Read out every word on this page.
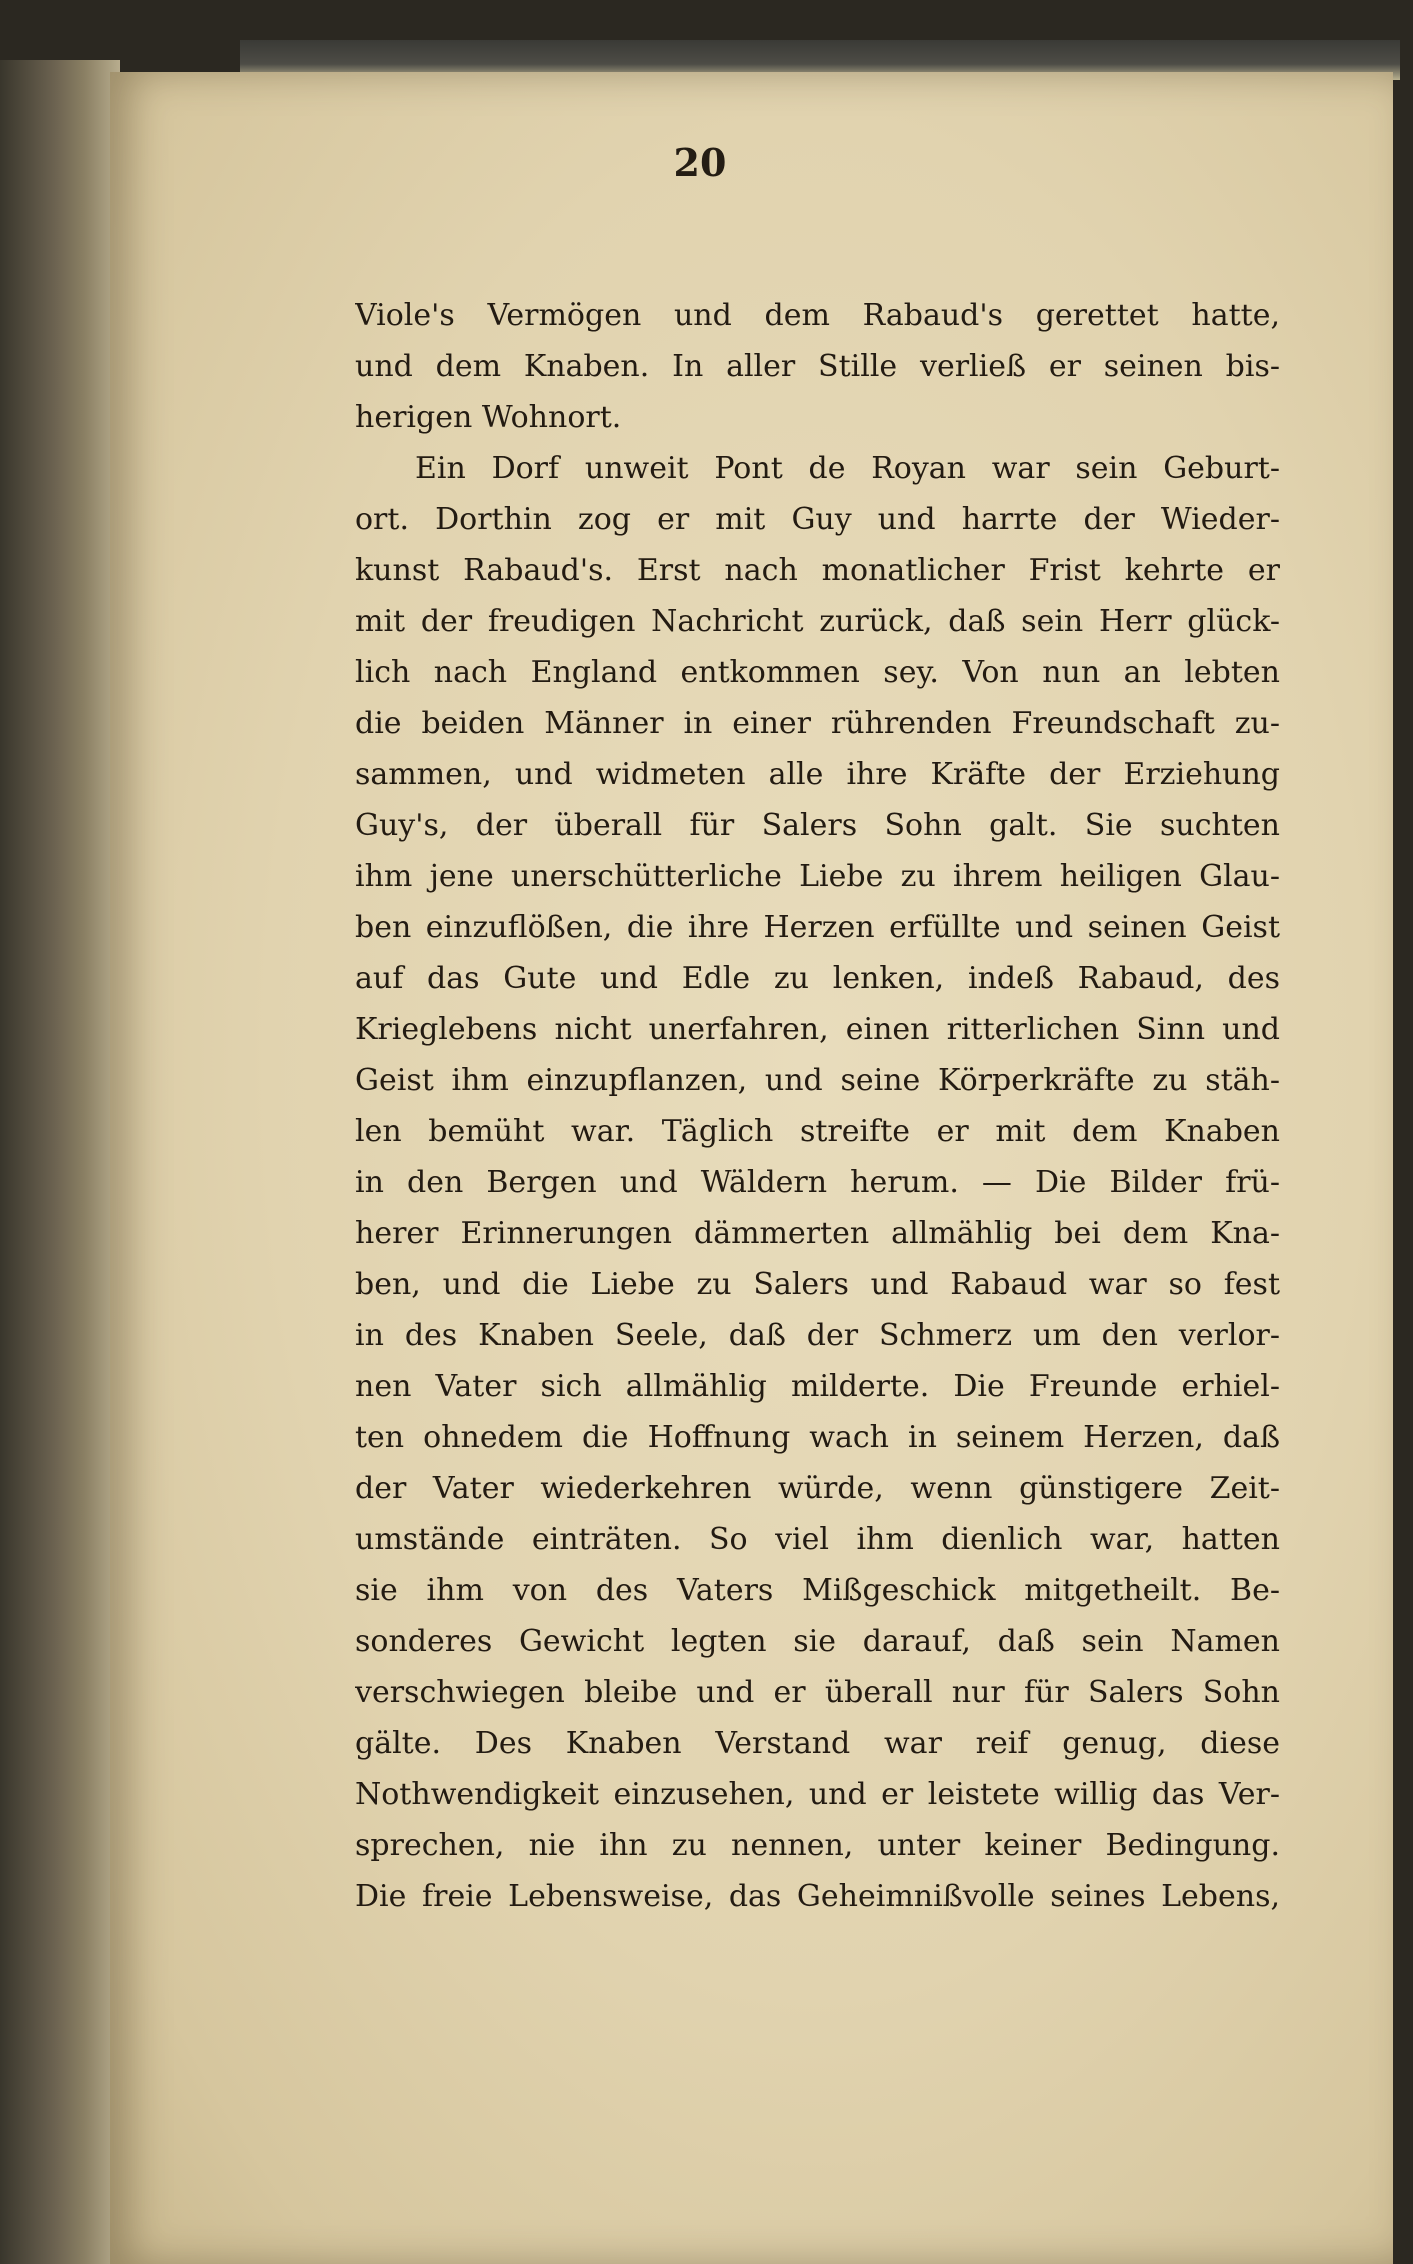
20
Viole's Vermögen und dem Rabaud's gerettet hatte,
und dem Knaben. In aller Stille verließ er seinen bis-
herigen Wohnort.
Ein Dorf unweit Pont de Royan war sein Geburt-
ort. Dorthin zog er mit Guy und harrte der Wieder-
kunst Rabaud's. Erst nach monatlicher Frist kehrte er
mit der freudigen Nachricht zurück, daß sein Herr glück-
lich nach England entkommen sey. Von nun an lebten
die beiden Männer in einer rührenden Freundschaft zu-
sammen, und widmeten alle ihre Kräfte der Erziehung
Guy's, der überall für Salers Sohn galt. Sie suchten
ihm jene unerschütterliche Liebe zu ihrem heiligen Glau-
ben einzuflößen, die ihre Herzen erfüllte und seinen Geist
auf das Gute und Edle zu lenken, indeß Rabaud, des
Krieglebens nicht unerfahren, einen ritterlichen Sinn und
Geist ihm einzupflanzen, und seine Körperkräfte zu stäh-
len bemüht war. Täglich streifte er mit dem Knaben
in den Bergen und Wäldern herum. — Die Bilder frü-
herer Erinnerungen dämmerten allmählig bei dem Kna-
ben, und die Liebe zu Salers und Rabaud war so fest
in des Knaben Seele, daß der Schmerz um den verlor-
nen Vater sich allmählig milderte. Die Freunde erhiel-
ten ohnedem die Hoffnung wach in seinem Herzen, daß
der Vater wiederkehren würde, wenn günstigere Zeit-
umstände einträten. So viel ihm dienlich war, hatten
sie ihm von des Vaters Mißgeschick mitgetheilt. Be-
sonderes Gewicht legten sie darauf, daß sein Namen
verschwiegen bleibe und er überall nur für Salers Sohn
gälte. Des Knaben Verstand war reif genug, diese
Nothwendigkeit einzusehen, und er leistete willig das Ver-
sprechen, nie ihn zu nennen, unter keiner Bedingung.
Die freie Lebensweise, das Geheimnißvolle seines Lebens,
